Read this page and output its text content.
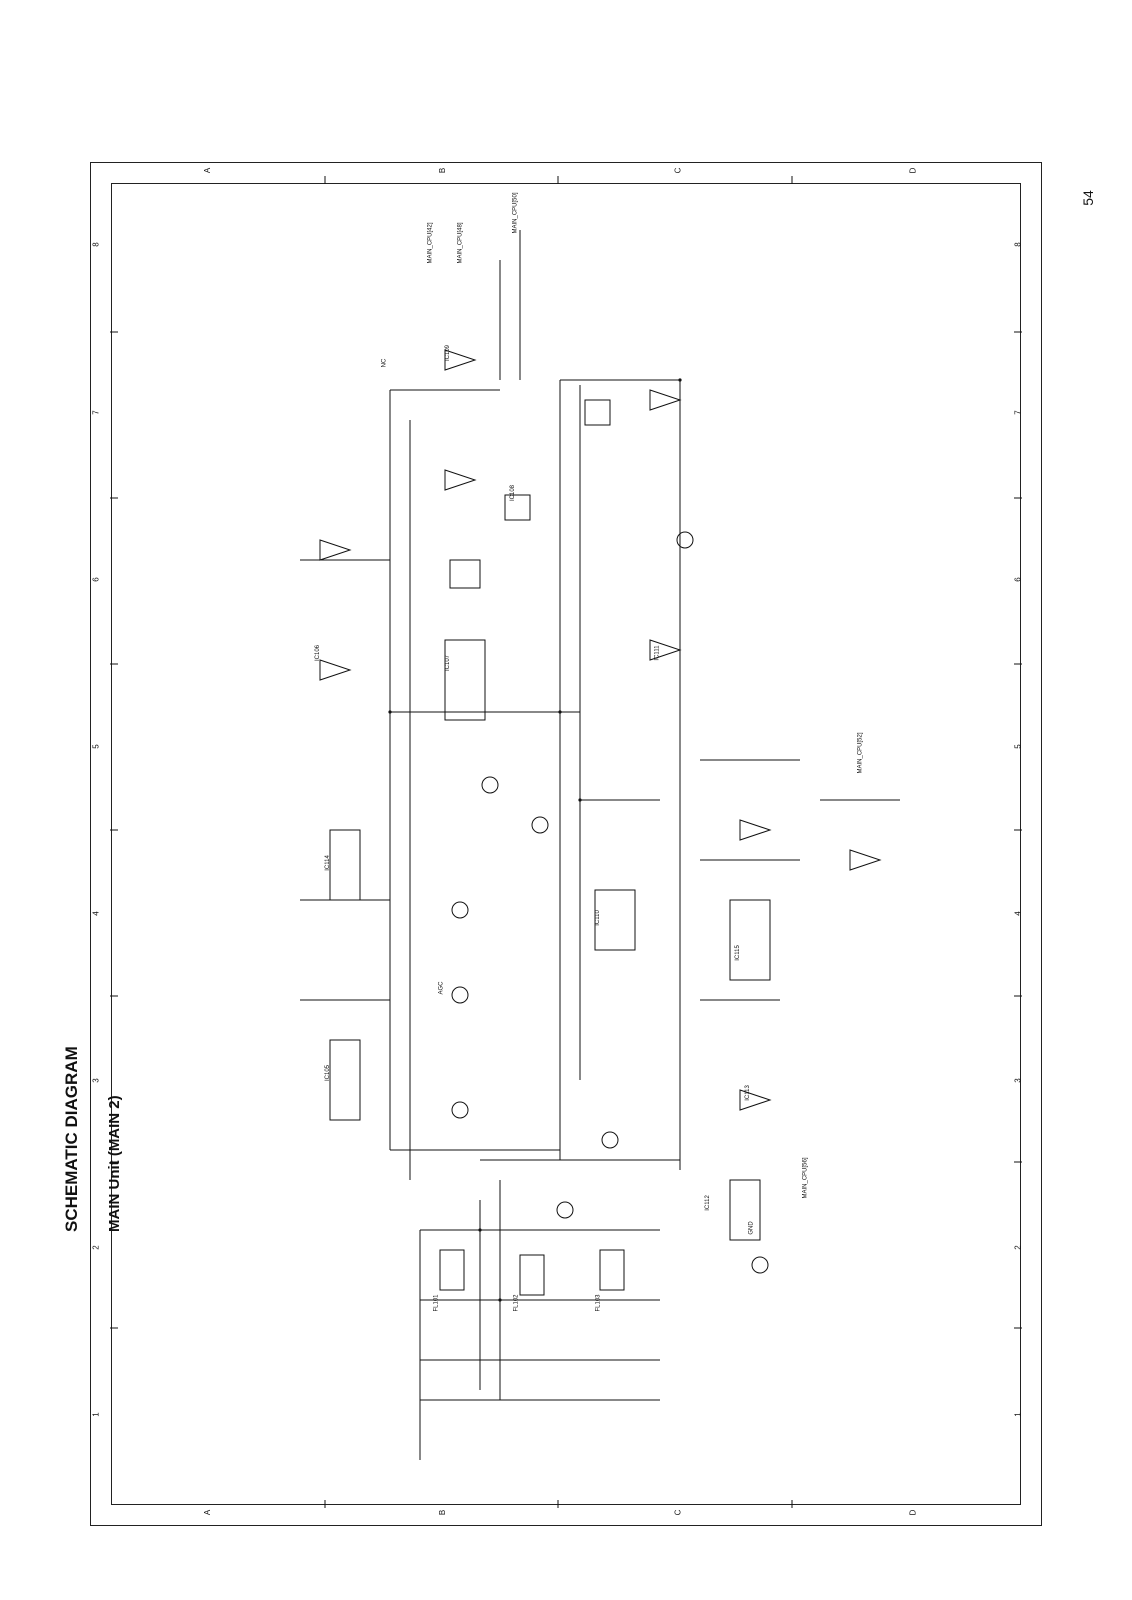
54
A	B	C	D
A	B	C	D
8
7
6
5
4
3
2
1
8
7
6
5
4
3
2
1
SCHEMATIC DIAGRAM MAIN Unit (MAIN 2)
MAIN_CPU[42]	MAIN_CPU[48]
MAIN_CPU[50]
MAIN_CPU[52]
MAIN_CPU[56]
IC105
IC106
IC107
IC108
IC109
IC110
IC111
IC112
IC113
IC114
IC115
FL101	FL102	FL103
AGC
NC
GND
